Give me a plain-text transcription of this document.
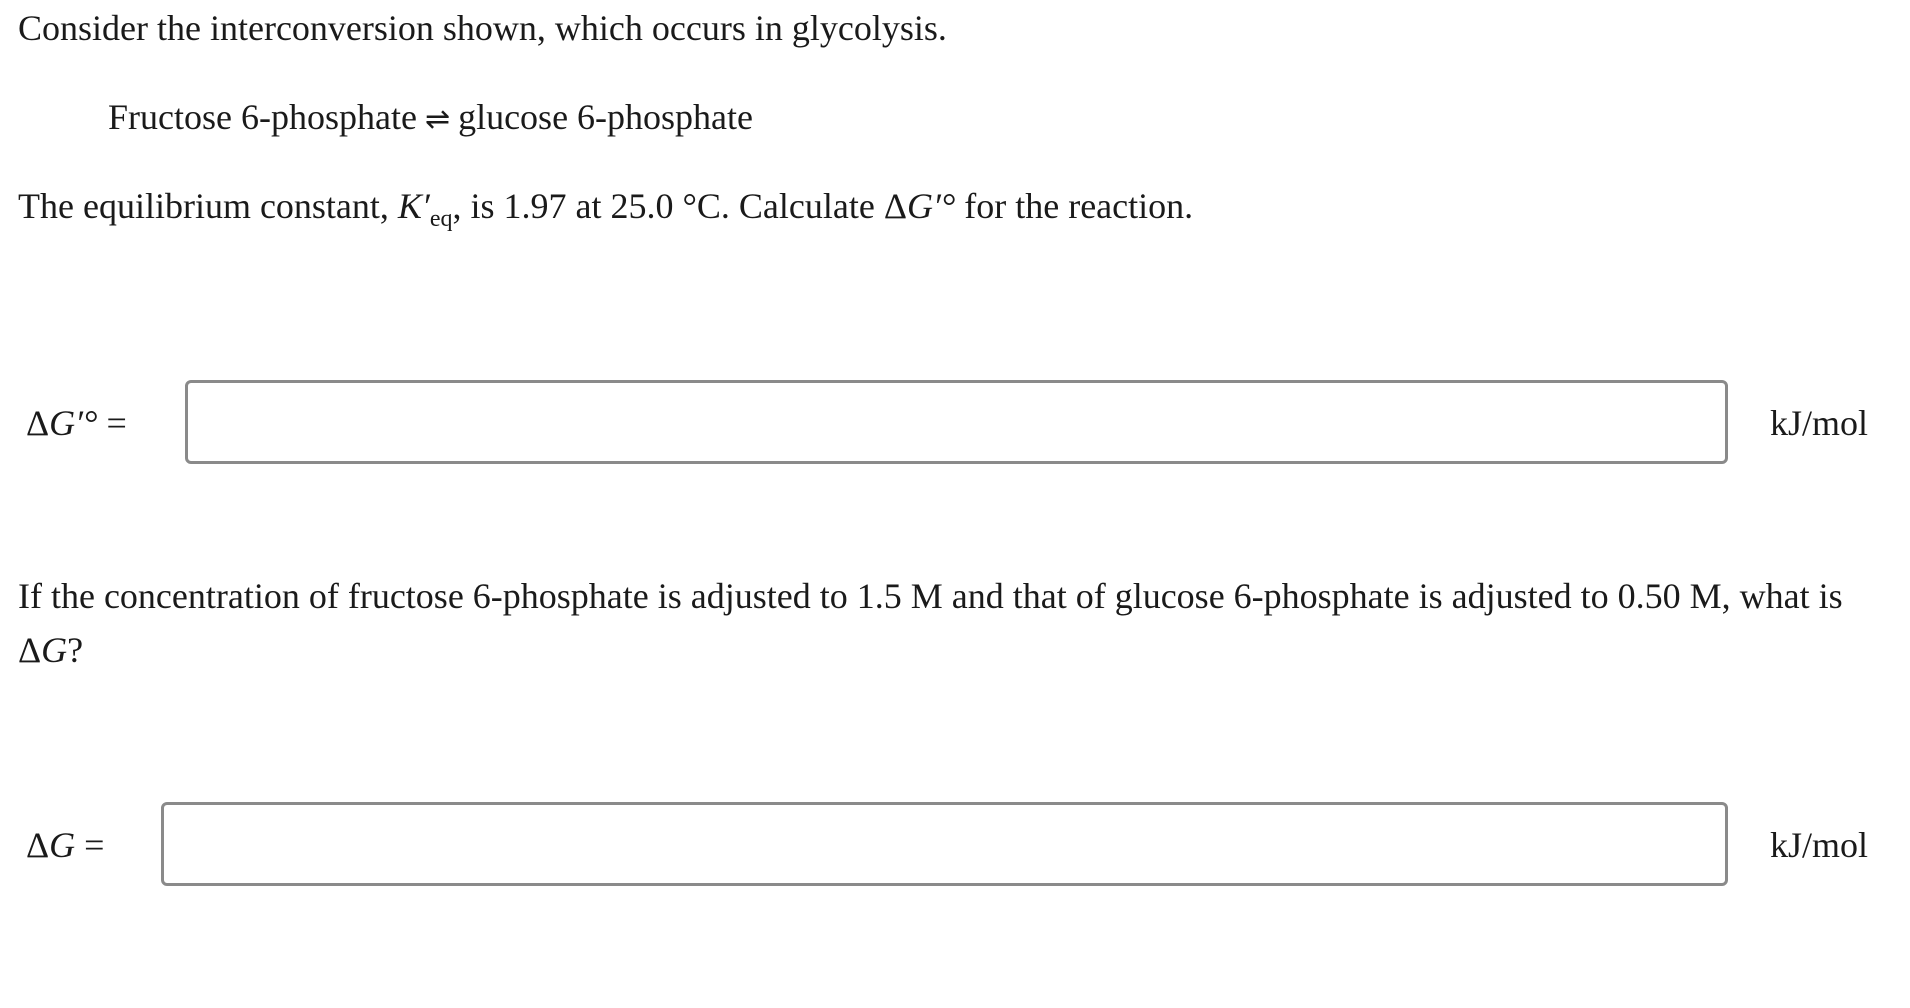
Consider the interconversion shown, which occurs in glycolysis.
Fructose 6-phosphate ⇌ glucose 6-phosphate
The equilibrium constant, $K'_{eq}$, is 1.97 at 25.0 °C. Calculate ΔG′° for the reaction.
ΔG′° =	kJ/mol
If the concentration of fructose 6-phosphate is adjusted to 1.5 M and that of glucose 6-phosphate is adjusted to 0.50 M, what is
ΔG?
ΔG =	kJ/mol
